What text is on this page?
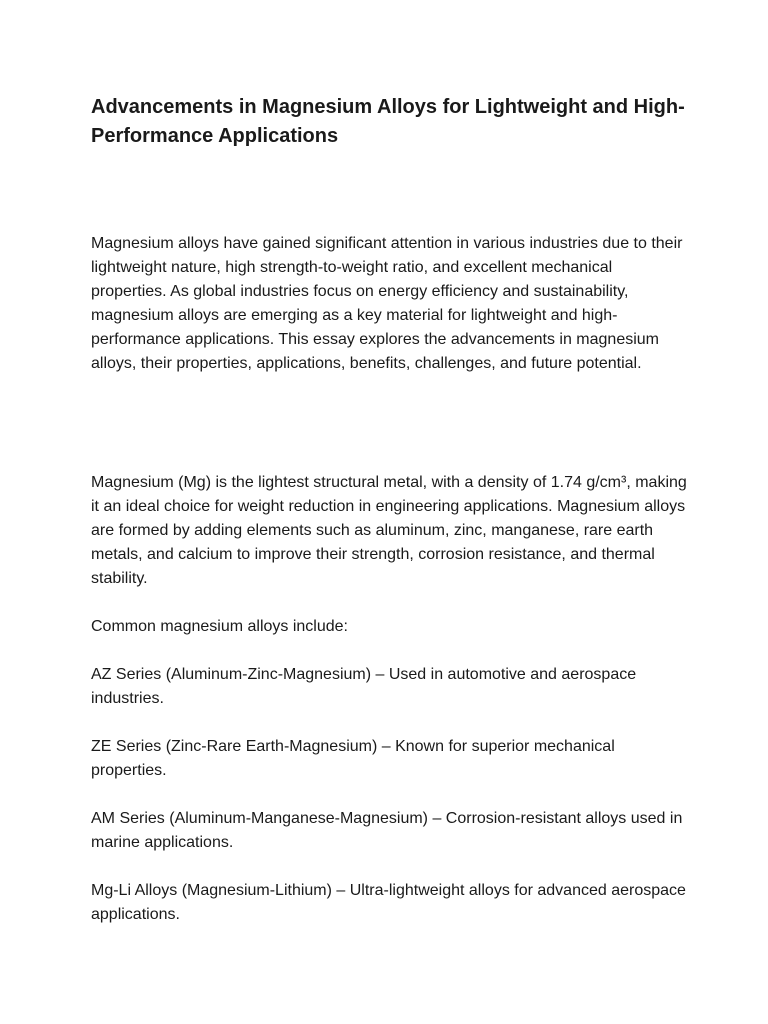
Advancements in Magnesium Alloys for Lightweight and High-Performance Applications

Magnesium alloys have gained significant attention in various industries due to their lightweight nature, high strength-to-weight ratio, and excellent mechanical properties. As global industries focus on energy efficiency and sustainability, magnesium alloys are emerging as a key material for lightweight and high-performance applications. This essay explores the advancements in magnesium alloys, their properties, applications, benefits, challenges, and future potential.

Magnesium (Mg) is the lightest structural metal, with a density of 1.74 g/cm³, making it an ideal choice for weight reduction in engineering applications. Magnesium alloys are formed by adding elements such as aluminum, zinc, manganese, rare earth metals, and calcium to improve their strength, corrosion resistance, and thermal stability.

Common magnesium alloys include:

AZ Series (Aluminum-Zinc-Magnesium) – Used in automotive and aerospace industries.

ZE Series (Zinc-Rare Earth-Magnesium) – Known for superior mechanical properties.

AM Series (Aluminum-Manganese-Magnesium) – Corrosion-resistant alloys used in marine applications.

Mg-Li Alloys (Magnesium-Lithium) – Ultra-lightweight alloys for advanced aerospace applications.
